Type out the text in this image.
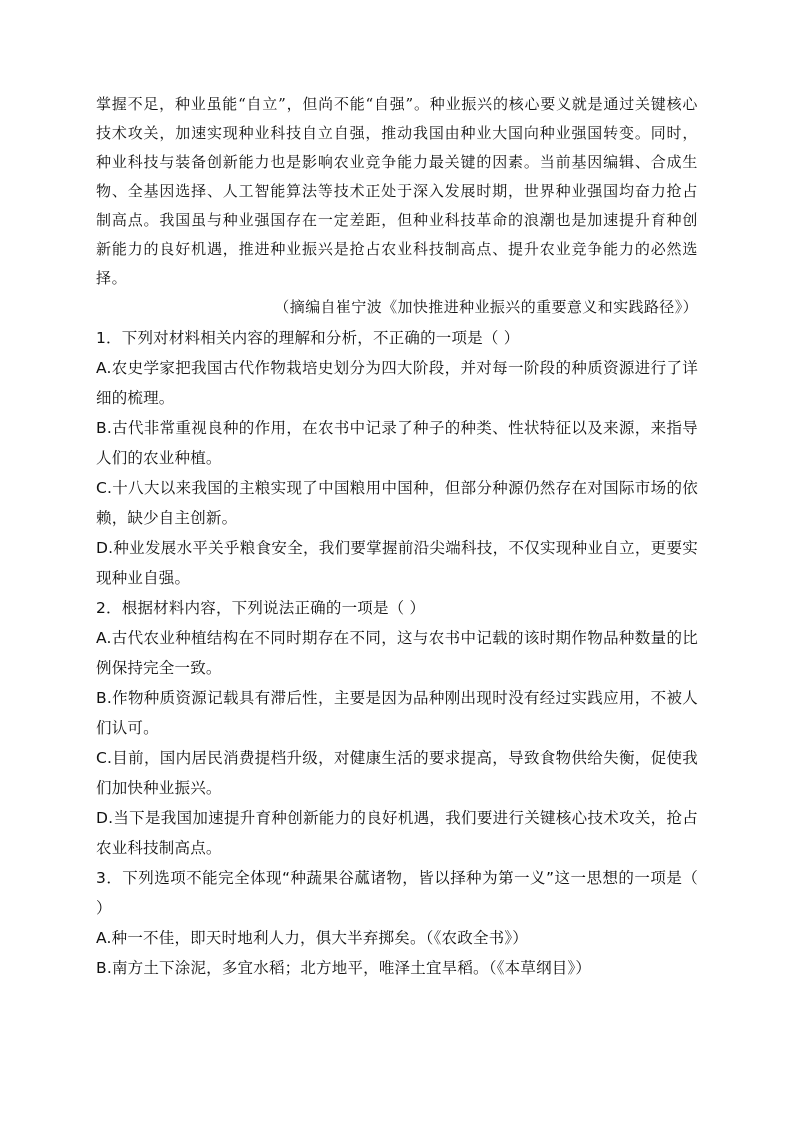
掌握不足，种业虽能“自立”，但尚不能“自强”。种业振兴的核心要义就是通过关键核心技术攻关，加速实现种业科技自立自强，推动我国由种业大国向种业强国转变。同时，种业科技与装备创新能力也是影响农业竞争能力最关键的因素。当前基因编辑、合成生物、全基因选择、人工智能算法等技术正处于深入发展时期，世界种业强国均奋力抢占制高点。我国虽与种业强国存在一定差距，但种业科技革命的浪潮也是加速提升育种创新能力的良好机遇，推进种业振兴是抢占农业科技制高点、提升农业竞争能力的必然选择。

（摘编自崔宁波《加快推进种业振兴的重要意义和实践路径》）

1．下列对材料相关内容的理解和分析，不正确的一项是（ ）

A.农史学家把我国古代作物栽培史划分为四大阶段，并对每一阶段的种质资源进行了详细的梳理。

B.古代非常重视良种的作用，在农书中记录了种子的种类、性状特征以及来源，来指导人们的农业种植。

C.十八大以来我国的主粮实现了中国粮用中国种，但部分种源仍然存在对国际市场的依赖，缺少自主创新。

D.种业发展水平关乎粮食安全，我们要掌握前沿尖端科技，不仅实现种业自立，更要实现种业自强。

2．根据材料内容，下列说法正确的一项是（ ）

A.古代农业种植结构在不同时期存在不同，这与农书中记载的该时期作物品种数量的比例保持完全一致。

B.作物种质资源记载具有滞后性，主要是因为品种刚出现时没有经过实践应用，不被人们认可。

C.目前，国内居民消费提档升级，对健康生活的要求提高，导致食物供给失衡，促使我们加快种业振兴。

D.当下是我国加速提升育种创新能力的良好机遇，我们要进行关键核心技术攻关，抢占农业科技制高点。

3．下列选项不能完全体现“种蔬果谷蓏诸物，皆以择种为第一义”这一思想的一项是（ ）

A.种一不佳，即天时地利人力，俱大半弃掷矣。（《农政全书》）

B.南方土下涂泥，多宜水稻；北方地平，唯泽土宜旱稻。（《本草纲目》）
